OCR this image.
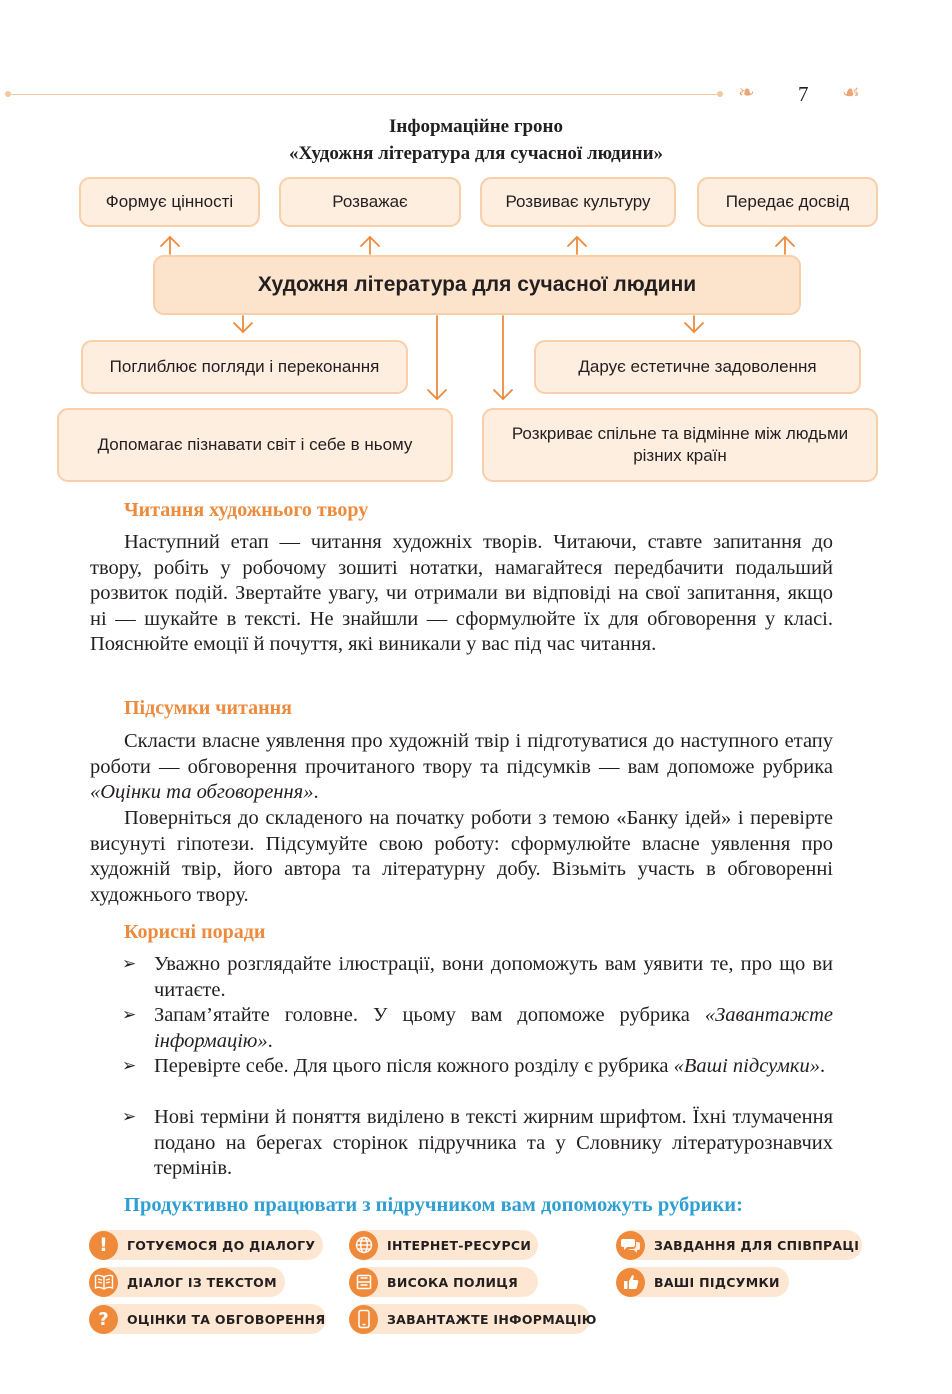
❧ 7 ☙
Інформаційне гроно
«Художня література для сучасної людини»
Формує цінності	Розважає	Розвиває культуру	Передає досвід
Художня література для сучасної людини
Поглиблює погляди і переконання	Дарує естетичне задоволення
Допомагає пізнавати світ і себе в ньому
Розкриває спільне та відмінне між людьми різних країн
Читання художнього твору
Наступний етап — читання художніх творів. Читаючи, ставте запитання до твору, робіть у робочому зошиті нотатки, намагайтеся передбачити подальший розвиток подій. Звертайте увагу, чи отримали ви відповіді на свої запитання, якщо ні — шукайте в тексті. Не знайшли — сформулюйте їх для обговорення у класі. Пояснюйте емоції й почуття, які виникали у вас під час читання.
Підсумки читання
Скласти власне уявлення про художній твір і підготуватися до наступного етапу роботи — обговорення прочитаного твору та підсумків — вам допоможе рубрика «Оцінки та обговорення».
Поверніться до складеного на початку роботи з темою «Банку ідей» і перевірте висунуті гіпотези. Підсумуйте свою роботу: сформулюйте власне уявлення про художній твір, його автора та літературну добу. Візьміть участь в обговоренні художнього твору.
Корисні поради
➢ Уважно розглядайте ілюстрації, вони допоможуть вам уявити те, про що ви читаєте.
➢ Запам’ятайте головне. У цьому вам допоможе рубрика «Завантажте інформацію».
➢ Перевірте себе. Для цього після кожного розділу є рубрика «Ваші підсумки».
➢ Нові терміни й поняття виділено в тексті жирним шрифтом. Їхні тлумачення подано на берегах сторінок підручника та у Словнику літературознавчих термінів.
Продуктивно працювати з підручником вам допоможуть рубрики:
!	ГОТУЄМОСЯ ДО ДІАЛОГУ	ІНТЕРНЕТ-РЕСУРСИ	ЗАВДАННЯ ДЛЯ СПІВПРАЦІ
ДІАЛОГ ІЗ ТЕКСТОМ	ВИСОКА ПОЛИЦЯ	ВАШІ ПІДСУМКИ
?	ОЦІНКИ ТА ОБГОВОРЕННЯ	ЗАВАНТАЖТЕ ІНФОРМАЦІЮ
